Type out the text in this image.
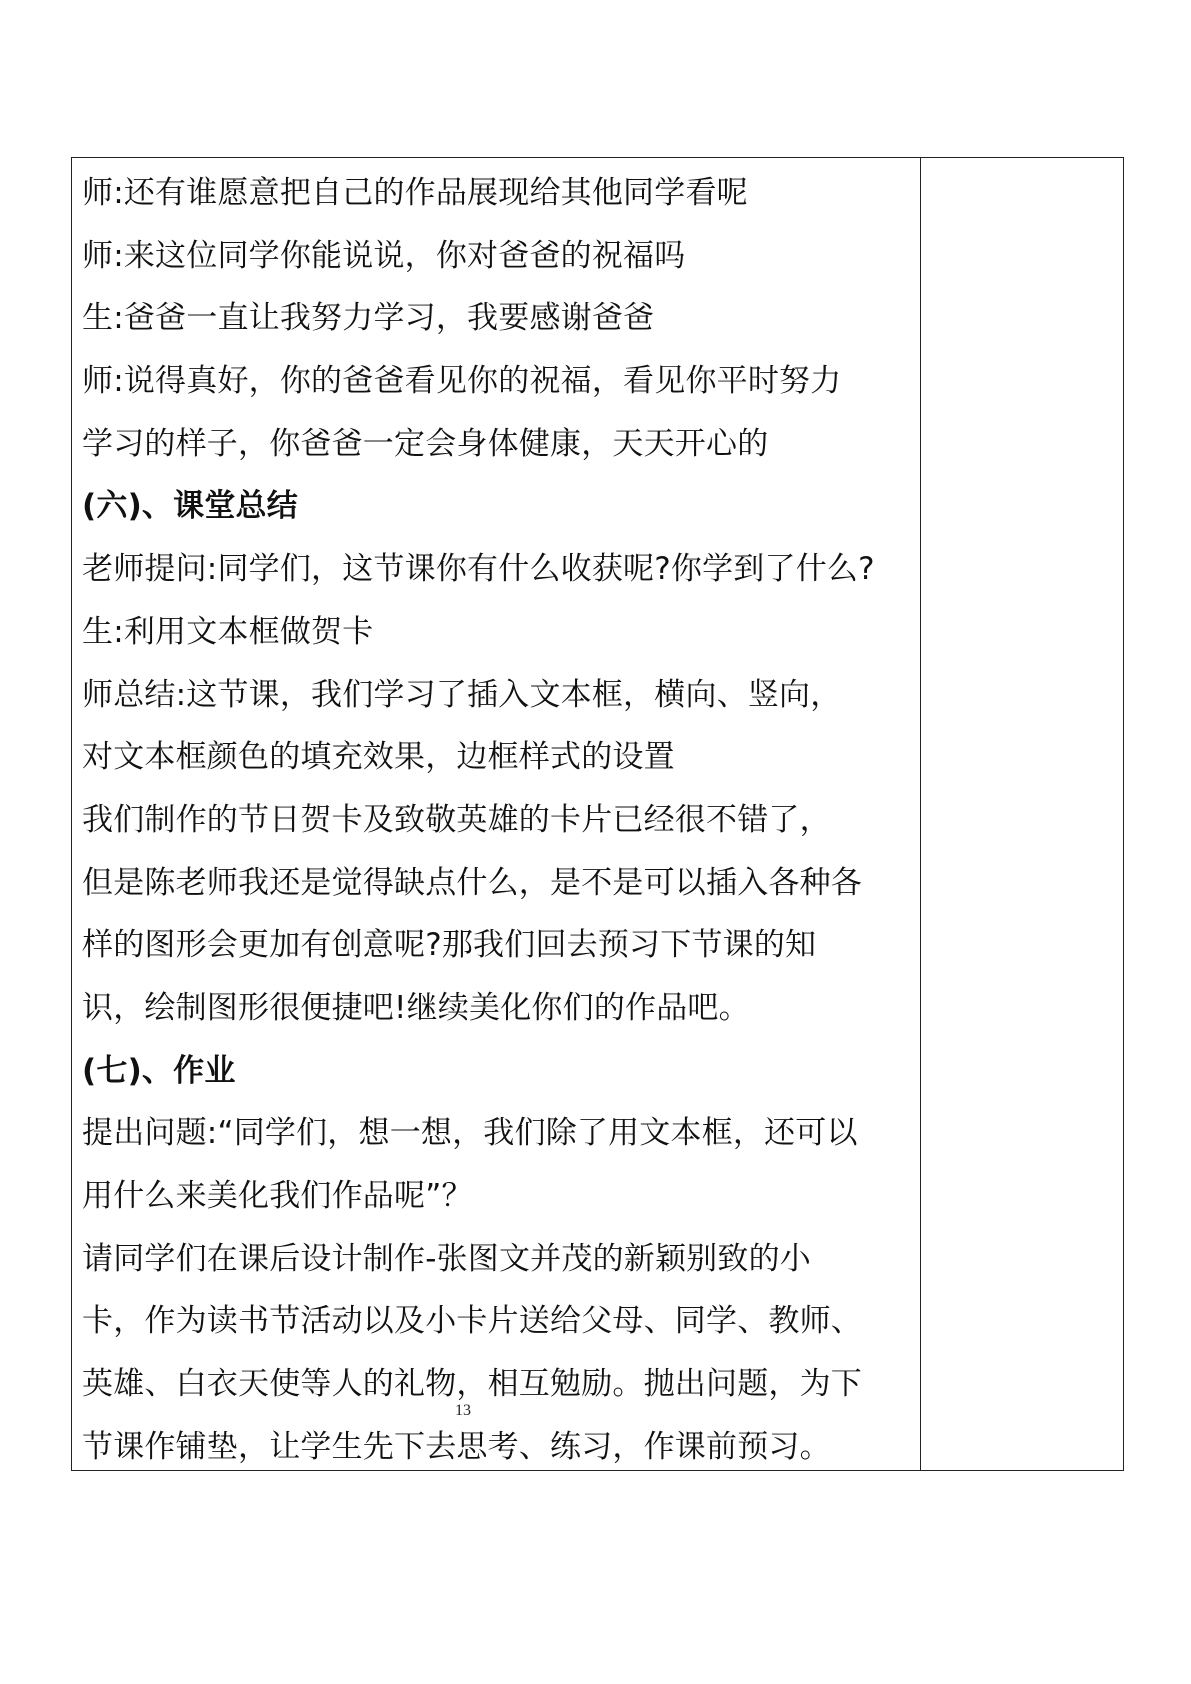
师:还有谁愿意把自己的作品展现给其他同学看呢
师:来这位同学你能说说，你对爸爸的祝福吗
生:爸爸一直让我努力学习，我要感谢爸爸
师:说得真好，你的爸爸看见你的祝福，看见你平时努力
学习的样子，你爸爸一定会身体健康，天天开心的
(六)、课堂总结
老师提问:同学们，这节课你有什么收获呢?你学到了什么?
生:利用文本框做贺卡
师总结:这节课，我们学习了插入文本框，横向、竖向，
对文本框颜色的填充效果，边框样式的设置
我们制作的节日贺卡及致敬英雄的卡片已经很不错了，
但是陈老师我还是觉得缺点什么，是不是可以插入各种各
样的图形会更加有创意呢?那我们回去预习下节课的知
识，绘制图形很便捷吧!继续美化你们的作品吧。
(七)、作业
提出问题:“同学们，想一想，我们除了用文本框，还可以
用什么来美化我们作品呢”？
请同学们在课后设计制作-张图文并茂的新颖别致的小
卡，作为读书节活动以及小卡片送给父母、同学、教师、
英雄、白衣天使等人的礼物，相互勉励。抛出问题，为下
节课作铺垫，让学生先下去思考、练习，作课前预习。
13
